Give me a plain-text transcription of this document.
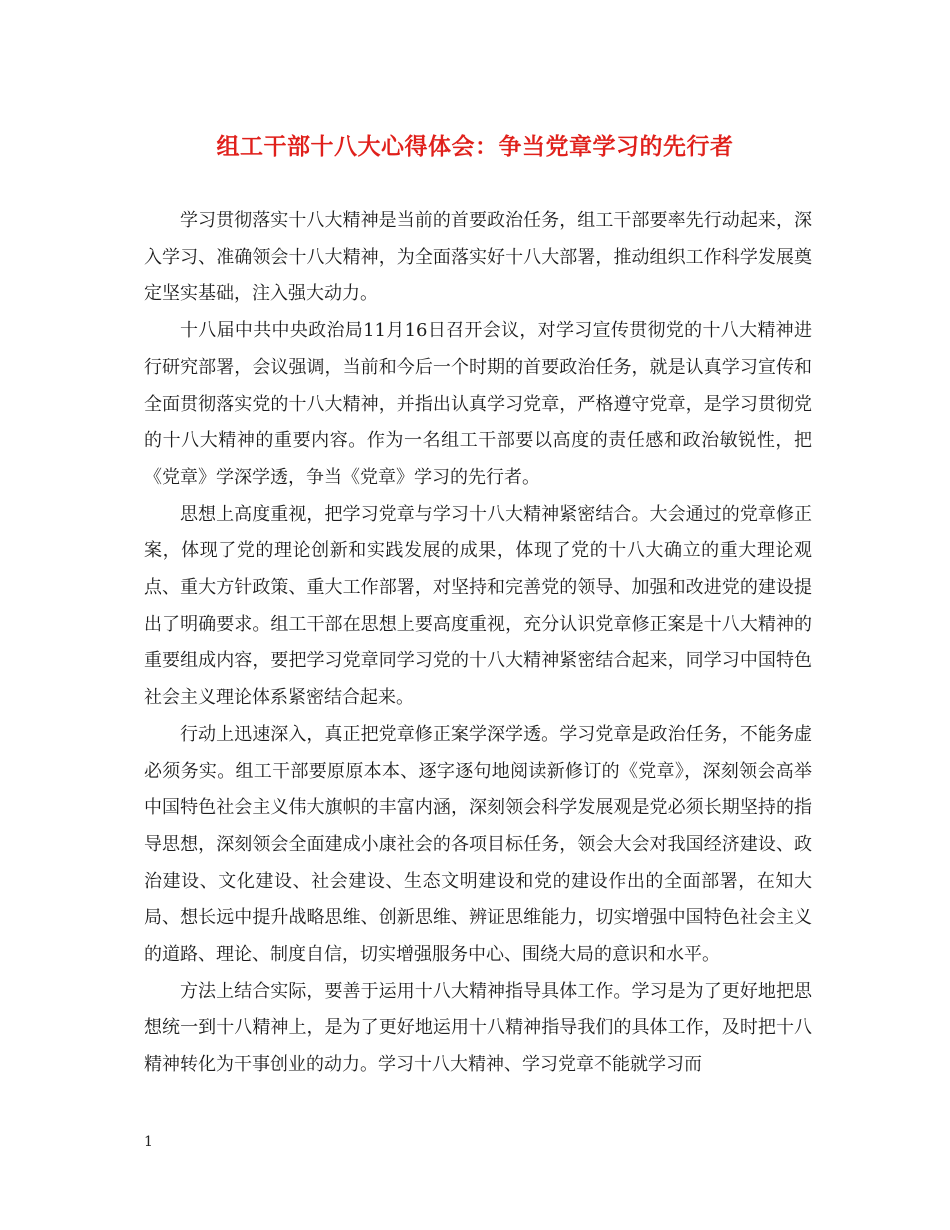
组工干部十八大心得体会：争当党章学习的先行者

学习贯彻落实十八大精神是当前的首要政治任务，组工干部要率先行动起来，深入学习、准确领会十八大精神，为全面落实好十八大部署，推动组织工作科学发展奠定坚实基础，注入强大动力。

十八届中共中央政治局11月16日召开会议，对学习宣传贯彻党的十八大精神进行研究部署，会议强调，当前和今后一个时期的首要政治任务，就是认真学习宣传和全面贯彻落实党的十八大精神，并指出认真学习党章，严格遵守党章，是学习贯彻党的十八大精神的重要内容。作为一名组工干部要以高度的责任感和政治敏锐性，把《党章》学深学透，争当《党章》学习的先行者。

思想上高度重视，把学习党章与学习十八大精神紧密结合。大会通过的党章修正案，体现了党的理论创新和实践发展的成果，体现了党的十八大确立的重大理论观点、重大方针政策、重大工作部署，对坚持和完善党的领导、加强和改进党的建设提出了明确要求。组工干部在思想上要高度重视，充分认识党章修正案是十八大精神的重要组成内容，要把学习党章同学习党的十八大精神紧密结合起来，同学习中国特色社会主义理论体系紧密结合起来。

行动上迅速深入，真正把党章修正案学深学透。学习党章是政治任务，不能务虚必须务实。组工干部要原原本本、逐字逐句地阅读新修订的《党章》，深刻领会高举中国特色社会主义伟大旗帜的丰富内涵，深刻领会科学发展观是党必须长期坚持的指导思想，深刻领会全面建成小康社会的各项目标任务，领会大会对我国经济建设、政治建设、文化建设、社会建设、生态文明建设和党的建设作出的全面部署，在知大局、想长远中提升战略思维、创新思维、辨证思维能力，切实增强中国特色社会主义的道路、理论、制度自信，切实增强服务中心、围绕大局的意识和水平。

方法上结合实际，要善于运用十八大精神指导具体工作。学习是为了更好地把思想统一到十八精神上，是为了更好地运用十八精神指导我们的具体工作，及时把十八精神转化为干事创业的动力。学习十八大精神、学习党章不能就学习而

1
